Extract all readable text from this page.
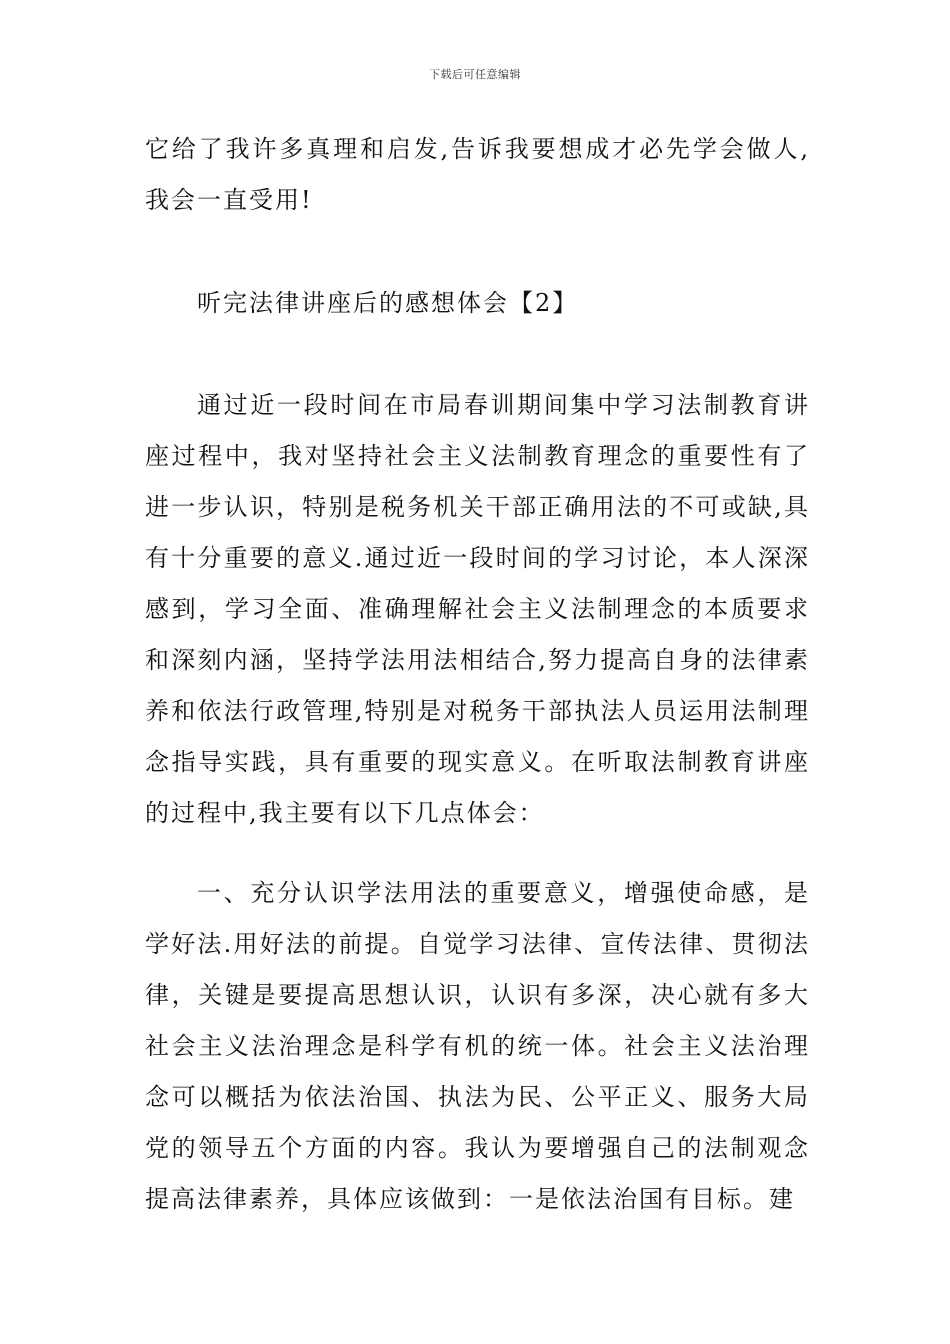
下载后可任意编辑

它给了我许多真理和启发,告诉我要想成才必先学会做人,我会一直受用!

听完法律讲座后的感想体会【2】

通过近一段时间在市局春训期间集中学习法制教育讲座过程中，我对坚持社会主义法制教育理念的重要性有了进一步认识，特别是税务机关干部正确用法的不可或缺,具有十分重要的意义.通过近一段时间的学习讨论，本人深深感到，学习全面、准确理解社会主义法制理念的本质要求和深刻内涵，坚持学法用法相结合,努力提高自身的法律素养和依法行政管理,特别是对税务干部执法人员运用法制理念指导实践，具有重要的现实意义。在听取法制教育讲座的过程中,我主要有以下几点体会：

一、充分认识学法用法的重要意义，增强使命感，是学好法.用好法的前提。自觉学习法律、宣传法律、贯彻法律，关键是要提高思想认识，认识有多深，决心就有多大社会主义法治理念是科学有机的统一体。社会主义法治理念可以概括为依法治国、执法为民、公平正义、服务大局党的领导五个方面的内容。我认为要增强自己的法制观念提高法律素养，具体应该做到：一是依法治国有目标。建
